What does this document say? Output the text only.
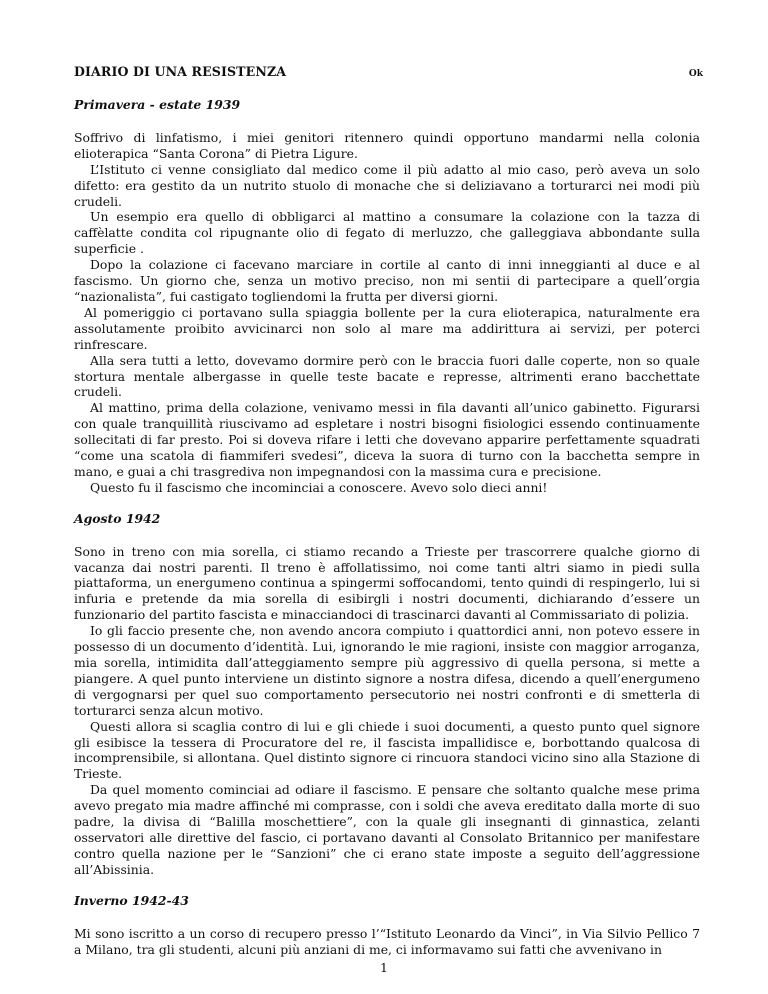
DIARIO DI UNA RESISTENZA	Ok
Primavera - estate 1939

Soffrivo di linfatismo, i miei genitori ritennero quindi opportuno mandarmi nella colonia elioterapica “Santa Corona” di Pietra Ligure.

L’Istituto ci venne consigliato dal medico come il più adatto al mio caso, però aveva un solo difetto: era gestito da un nutrito stuolo di monache che si deliziavano a torturarci nei modi più crudeli.

Un esempio era quello di obbligarci al mattino a consumare la colazione con la tazza di caffèlatte condita col ripugnante olio di fegato di merluzzo, che galleggiava abbondante sulla superficie .

Dopo la colazione ci facevano marciare in cortile al canto di inni inneggianti al duce e al fascismo. Un giorno che, senza un motivo preciso, non mi sentii di partecipare a quell’orgia “nazionalista”, fui castigato togliendomi la frutta per diversi giorni.

Al pomeriggio ci portavano sulla spiaggia bollente per la cura elioterapica, naturalmente era assolutamente proibito avvicinarci non solo al mare ma addirittura ai servizi, per poterci rinfrescare.

Alla sera tutti a letto, dovevamo dormire però con le braccia fuori dalle coperte, non so quale stortura mentale albergasse in quelle teste bacate e represse, altrimenti erano bacchettate crudeli.

Al mattino, prima della colazione, venivamo messi in fila davanti all’unico gabinetto. Figurarsi con quale tranquillità riuscivamo ad espletare i nostri bisogni fisiologici essendo continuamente sollecitati di far presto. Poi si doveva rifare i letti che dovevano apparire perfettamente squadrati “come una scatola di fiammiferi svedesi”, diceva la suora di turno con la bacchetta sempre in mano, e guai a chi trasgrediva non impegnandosi con la massima cura e precisione.

Questo fu il fascismo che incominciai a conoscere. Avevo solo dieci anni!

Agosto 1942

Sono in treno con mia sorella, ci stiamo recando a Trieste per trascorrere qualche giorno di vacanza dai nostri parenti. Il treno è affollatissimo, noi come tanti altri siamo in piedi sulla piattaforma, un energumeno continua a spingermi soffocandomi, tento quindi di respingerlo, lui si infuria e pretende da mia sorella di esibirgli i nostri documenti, dichiarando d’essere un funzionario del partito fascista e minacciandoci di trascinarci davanti al Commissariato di polizia.

Io gli faccio presente che, non avendo ancora compiuto i quattordici anni, non potevo essere in possesso di un documento d’identità. Lui, ignorando le mie ragioni, insiste con maggior arroganza, mia sorella, intimidita dall’atteggiamento sempre più aggressivo di quella persona, si mette a piangere. A quel punto interviene un distinto signore a nostra difesa, dicendo a quell’energumeno di vergognarsi per quel suo comportamento persecutorio nei nostri confronti e di smetterla di torturarci senza alcun motivo.

Questi allora si scaglia contro di lui e gli chiede i suoi documenti, a questo punto quel signore gli esibisce la tessera di Procuratore del re, il fascista impallidisce e, borbottando qualcosa di incomprensibile, si allontana. Quel distinto signore ci rincuora standoci vicino sino alla Stazione di Trieste.

Da quel momento cominciai ad odiare il fascismo. E pensare che soltanto qualche mese prima avevo pregato mia madre affinché mi comprasse, con i soldi che aveva ereditato dalla morte di suo padre, la divisa di “Balilla moschettiere”, con la quale gli insegnanti di ginnastica, zelanti osservatori alle direttive del fascio, ci portavano davanti al Consolato Britannico per manifestare contro quella nazione per le “Sanzioni” che ci erano state imposte a seguito dell’aggressione all’Abissinia.

Inverno 1942-43

Mi sono iscritto a un corso di recupero presso l’“Istituto Leonardo da Vinci”, in Via Silvio Pellico 7 a Milano, tra gli studenti, alcuni più anziani di me, ci informavamo sui fatti che avvenivano in

1
